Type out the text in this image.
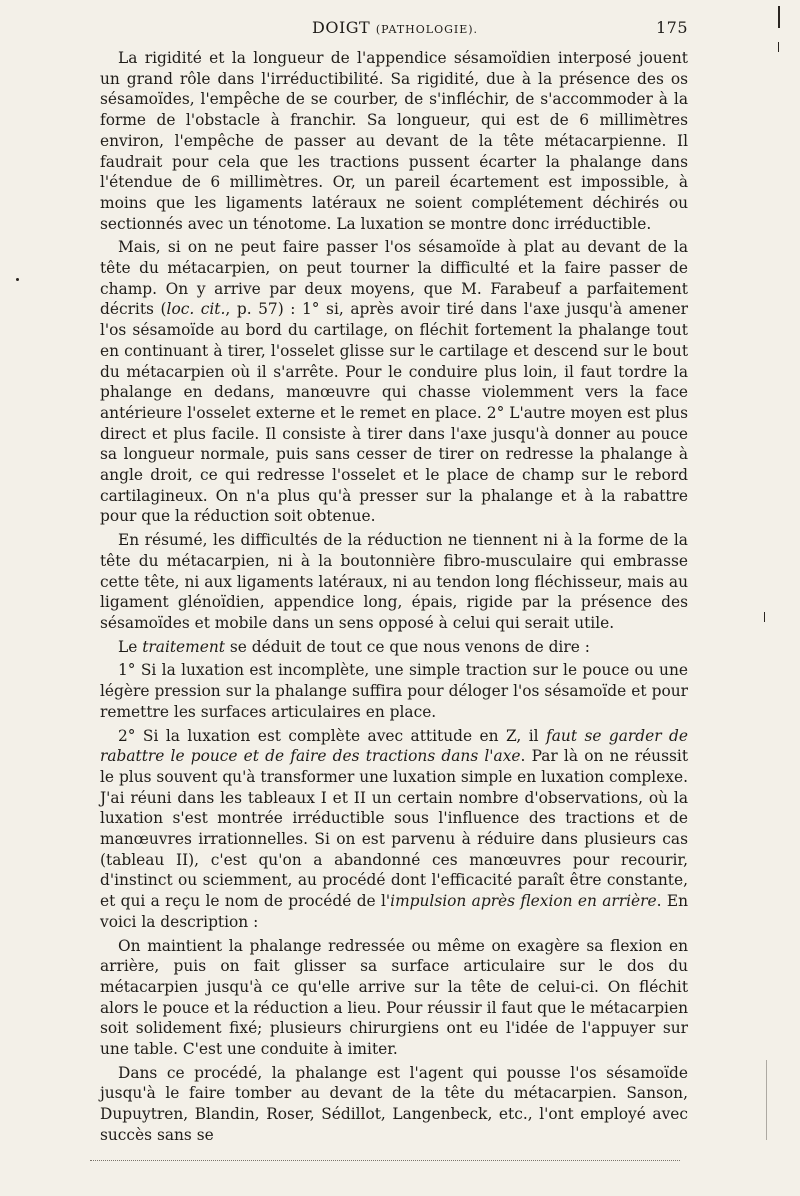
DOIGT (PATHOLOGIE).	175

La rigidité et la longueur de l'appendice sésamoïdien interposé jouent un grand rôle dans l'irréductibilité. Sa rigidité, due à la présence des os sésamoïdes, l'empêche de se courber, de s'infléchir, de s'accommoder à la forme de l'obstacle à franchir. Sa longueur, qui est de 6 millimètres environ, l'empêche de passer au devant de la tête métacarpienne. Il faudrait pour cela que les tractions pussent écarter la phalange dans l'étendue de 6 millimètres. Or, un pareil écartement est impossible, à moins que les ligaments latéraux ne soient complétement déchirés ou sectionnés avec un ténotome. La luxation se montre donc irréductible.

Mais, si on ne peut faire passer l'os sésamoïde à plat au devant de la tête du métacarpien, on peut tourner la difficulté et la faire passer de champ. On y arrive par deux moyens, que M. Farabeuf a parfaitement décrits (loc. cit., p. 57) : 1° si, après avoir tiré dans l'axe jusqu'à amener l'os sésamoïde au bord du cartilage, on fléchit fortement la phalange tout en continuant à tirer, l'osselet glisse sur le cartilage et descend sur le bout du métacarpien où il s'arrête. Pour le conduire plus loin, il faut tordre la phalange en dedans, manœuvre qui chasse violemment vers la face antérieure l'osselet externe et le remet en place. 2° L'autre moyen est plus direct et plus facile. Il consiste à tirer dans l'axe jusqu'à donner au pouce sa longueur normale, puis sans cesser de tirer on redresse la phalange à angle droit, ce qui redresse l'osselet et le place de champ sur le rebord cartilagineux. On n'a plus qu'à presser sur la phalange et à la rabattre pour que la réduction soit obtenue.

En résumé, les difficultés de la réduction ne tiennent ni à la forme de la tête du métacarpien, ni à la boutonnière fibro-musculaire qui embrasse cette tête, ni aux ligaments latéraux, ni au tendon long fléchisseur, mais au ligament glénoïdien, appendice long, épais, rigide par la présence des sésamoïdes et mobile dans un sens opposé à celui qui serait utile.

Le traitement se déduit de tout ce que nous venons de dire :

1° Si la luxation est incomplète, une simple traction sur le pouce ou une légère pression sur la phalange suffira pour déloger l'os sésamoïde et pour remettre les surfaces articulaires en place.

2° Si la luxation est complète avec attitude en Z, il faut se garder de rabattre le pouce et de faire des tractions dans l'axe. Par là on ne réussit le plus souvent qu'à transformer une luxation simple en luxation complexe. J'ai réuni dans les tableaux I et II un certain nombre d'observations, où la luxation s'est montrée irréductible sous l'influence des tractions et de manœuvres irrationnelles. Si on est parvenu à réduire dans plusieurs cas (tableau II), c'est qu'on a abandonné ces manœuvres pour recourir, d'instinct ou sciemment, au procédé dont l'efficacité paraît être constante, et qui a reçu le nom de procédé de l'impulsion après flexion en arrière. En voici la description :

On maintient la phalange redressée ou même on exagère sa flexion en arrière, puis on fait glisser sa surface articulaire sur le dos du métacarpien jusqu'à ce qu'elle arrive sur la tête de celui-ci. On fléchit alors le pouce et la réduction a lieu. Pour réussir il faut que le métacarpien soit solidement fixé; plusieurs chirurgiens ont eu l'idée de l'appuyer sur une table. C'est une conduite à imiter.

Dans ce procédé, la phalange est l'agent qui pousse l'os sésamoïde jusqu'à le faire tomber au devant de la tête du métacarpien. Sanson, Dupuytren, Blandin, Roser, Sédillot, Langenbeck, etc., l'ont employé avec succès sans se
